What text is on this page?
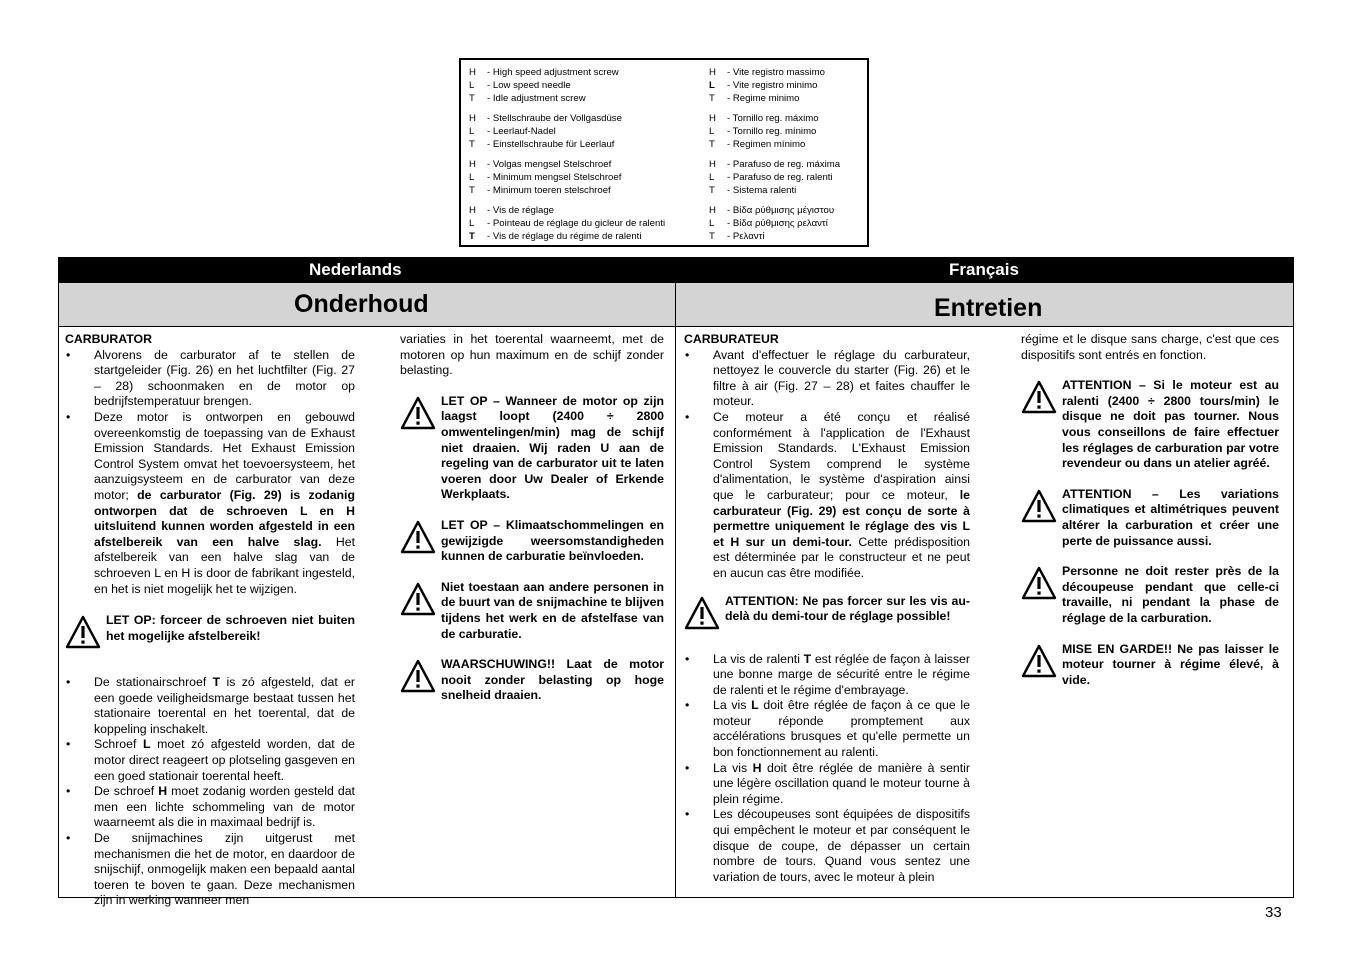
H - High speed adjustment screw
L - Low speed needle
T - Idle adjustment screw
H - Stellschraube der Vollgasdüse
L - Leerlauf-Nadel
T - Einstellschraube für Leerlauf
H - Volgas mengsel Stelschroef
L - Minimum mengsel Stelschroef
T - Minimum toeren stelschroef
H - Vis de réglage
L - Pointeau de réglage du gicleur de ralenti
T - Vis de réglage du régime de ralenti
H - Vite registro massimo
L - Vite registro minimo
T - Regime minimo
H - Tornillo reg. máximo
L - Tornillo reg. mínimo
T - Regimen mínimo
H - Parafuso de reg. máxima
L - Parafuso de reg. ralenti
T - Sistema ralenti
H - Βίδα ρύθμισης μέγιστου
L - Βίδα ρύθμισης ρελαντί
T - Ρελαντί
Nederlands	Français
Onderhoud	Entretien

CARBURATOR

• Alvorens de carburator af te stellen de startgeleider (Fig. 26) en het luchtfilter (Fig. 27 – 28) schoonmaken en de motor op bedrijfstemperatuur brengen.
• Deze motor is ontworpen en gebouwd overeenkomstig de toepassing van de Exhaust Emission Standards. Het Exhaust Emission Control System omvat het toevoersysteem, het aanzuigsysteem en de carburator van deze motor; de carburator (Fig. 29) is zodanig ontworpen dat de schroeven L en H uitsluitend kunnen worden afgesteld in een afstelbereik van een halve slag. Het afstelbereik van een halve slag van de schroeven L en H is door de fabrikant ingesteld, en het is niet mogelijk het te wijzigen.
LET OP: forceer de schroeven niet buiten het mogelijke afstelbereik!
• De stationairschroef T is zó afgesteld, dat er een goede veiligheidsmarge bestaat tussen het stationaire toerental en het toerental, dat de koppeling inschakelt.
• Schroef L moet zó afgesteld worden, dat de motor direct reageert op plotseling gasgeven en een goed stationair toerental heeft.
• De schroef H moet zodanig worden gesteld dat men een lichte schommeling van de motor waarneemt als die in maximaal bedrijf is.
• De snijmachines zijn uitgerust met mechanismen die het de motor, en daardoor de snijschijf, onmogelijk maken een bepaald aantal toeren te boven te gaan. Deze mechanismen zijn in werking wanneer men

variaties in het toerental waarneemt, met de motoren op hun maximum en de schijf zonder belasting.

LET OP – Wanneer de motor op zijn laagst loopt (2400 ÷ 2800 omwentelingen/min) mag de schijf niet draaien. Wij raden U aan de regeling van de carburator uit te laten voeren door Uw Dealer of Erkende Werkplaats.
LET OP – Klimaatschommelingen en gewijzigde weersomstandigheden kunnen de carburatie beïnvloeden.
Niet toestaan aan andere personen in de buurt van de snijmachine te blijven tijdens het werk en de afstelfase van de carburatie.
WAARSCHUWING!! Laat de motor nooit zonder belasting op hoge snelheid draaien.

CARBURATEUR

• Avant d'effectuer le réglage du carburateur, nettoyez le couvercle du starter (Fig. 26) et le filtre à air (Fig. 27 – 28) et faites chauffer le moteur.
• Ce moteur a été conçu et réalisé conformément à l'application de l'Exhaust Emission Standards. L'Exhaust Emission Control System comprend le système d'alimentation, le système d'aspiration ainsi que le carburateur; pour ce moteur, le carburateur (Fig. 29) est conçu de sorte à permettre uniquement le réglage des vis L et H sur un demi-tour. Cette prédisposition est déterminée par le constructeur et ne peut en aucun cas être modifiée.
ATTENTION: Ne pas forcer sur les vis au-delà du demi-tour de réglage possible!
• La vis de ralenti T est réglée de façon à laisser une bonne marge de sécurité entre le régime de ralenti et le régime d'embrayage.
• La vis L doit être réglée de façon à ce que le moteur réponde promptement aux accélérations brusques et qu'elle permette un bon fonctionnement au ralenti.
• La vis H doit être réglée de manière à sentir une légère oscillation quand le moteur tourne à plein régime.
• Les découpeuses sont équipées de dispositifs qui empêchent le moteur et par conséquent le disque de coupe, de dépasser un certain nombre de tours. Quand vous sentez une variation de tours, avec le moteur à plein

régime et le disque sans charge, c'est que ces dispositifs sont entrés en fonction.

ATTENTION – Si le moteur est au ralenti (2400 ÷ 2800 tours/min) le disque ne doit pas tourner. Nous vous conseillons de faire effectuer les réglages de carburation par votre revendeur ou dans un atelier agréé.
ATTENTION – Les variations climatiques et altimétriques peuvent altérer la carburation et créer une perte de puissance aussi.
Personne ne doit rester près de la découpeuse pendant que celle-ci travaille, ni pendant la phase de réglage de la carburation.
MISE EN GARDE!! Ne pas laisser le moteur tourner à régime élevé, à vide.
33
